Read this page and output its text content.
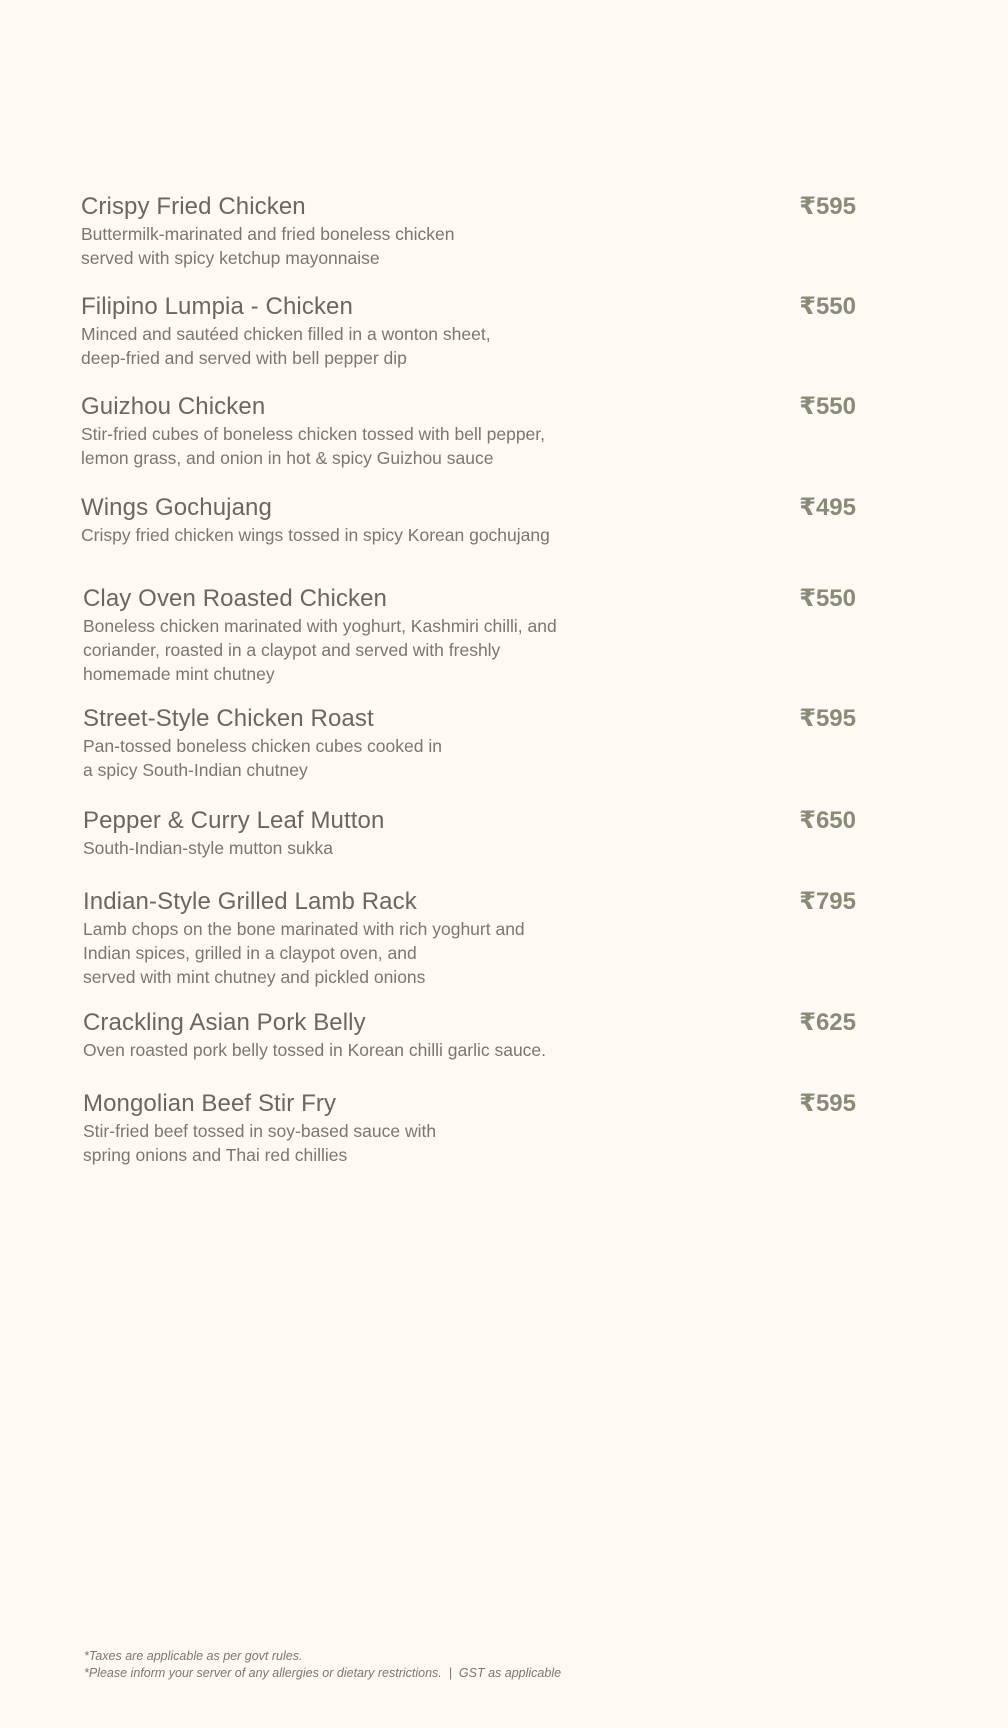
Crispy Fried Chicken
Buttermilk-marinated and fried boneless chicken
served with spicy ketchup mayonnaise
₹595
Filipino Lumpia - Chicken
Minced and sautéed chicken filled in a wonton sheet,
deep-fried and served with bell pepper dip
₹550
Guizhou Chicken
Stir-fried cubes of boneless chicken tossed with bell pepper,
lemon grass, and onion in hot & spicy Guizhou sauce
₹550
Wings Gochujang
Crispy fried chicken wings tossed in spicy Korean gochujang
₹495
Clay Oven Roasted Chicken
Boneless chicken marinated with yoghurt, Kashmiri chilli, and
coriander, roasted in a claypot and served with freshly
homemade mint chutney
₹550
Street-Style Chicken Roast
Pan-tossed boneless chicken cubes cooked in
a spicy South-Indian chutney
₹595
Pepper & Curry Leaf Mutton
South-Indian-style mutton sukka
₹650
Indian-Style Grilled Lamb Rack
Lamb chops on the bone marinated with rich yoghurt and
Indian spices, grilled in a claypot oven, and
served with mint chutney and pickled onions
₹795
Crackling Asian Pork Belly
Oven roasted pork belly tossed in Korean chilli garlic sauce.
₹625
Mongolian Beef Stir Fry
Stir-fried beef tossed in soy-based sauce with
spring onions and Thai red chillies
₹595
*Taxes are applicable as per govt rules.
*Please inform your server of any allergies or dietary restrictions.  |  GST as applicable
